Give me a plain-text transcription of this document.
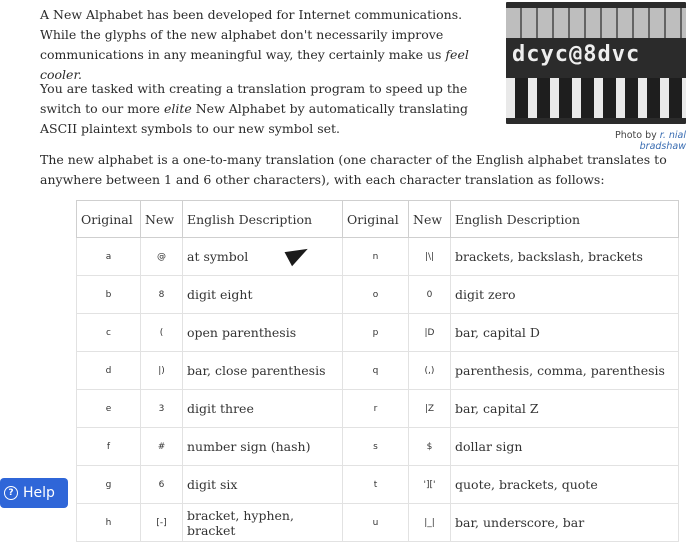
A New Alphabet has been developed for Internet communications. While the glyphs of the new alphabet don't necessarily improve communications in any meaningful way, they certainly make us feel cooler.
You are tasked with creating a translation program to speed up the switch to our more elite New Alphabet by automatically translating ASCII plaintext symbols to our new symbol set.
dcyc@8dvc
Photo by r. nial bradshaw
The new alphabet is a one-to-many translation (one character of the English alphabet translates to anywhere between 1 and 6 other characters), with each character translation as follows:
Original	New	English Description	Original	New	English Description
a	@	at symbol	n	|\|	brackets, backslash, brackets
b	8	digit eight	o	0	digit zero
c	(	open parenthesis	p	|D	bar, capital D
d	|)	bar, close parenthesis	q	(,)	parenthesis, comma, parenthesis
e	3	digit three	r	|Z	bar, capital Z
f	#	number sign (hash)	s	$	dollar sign
g	6	digit six	t	']['	quote, brackets, quote
h	[-]	bracket, hyphen, bracket	u	|_|	bar, underscore, bar
? Help
